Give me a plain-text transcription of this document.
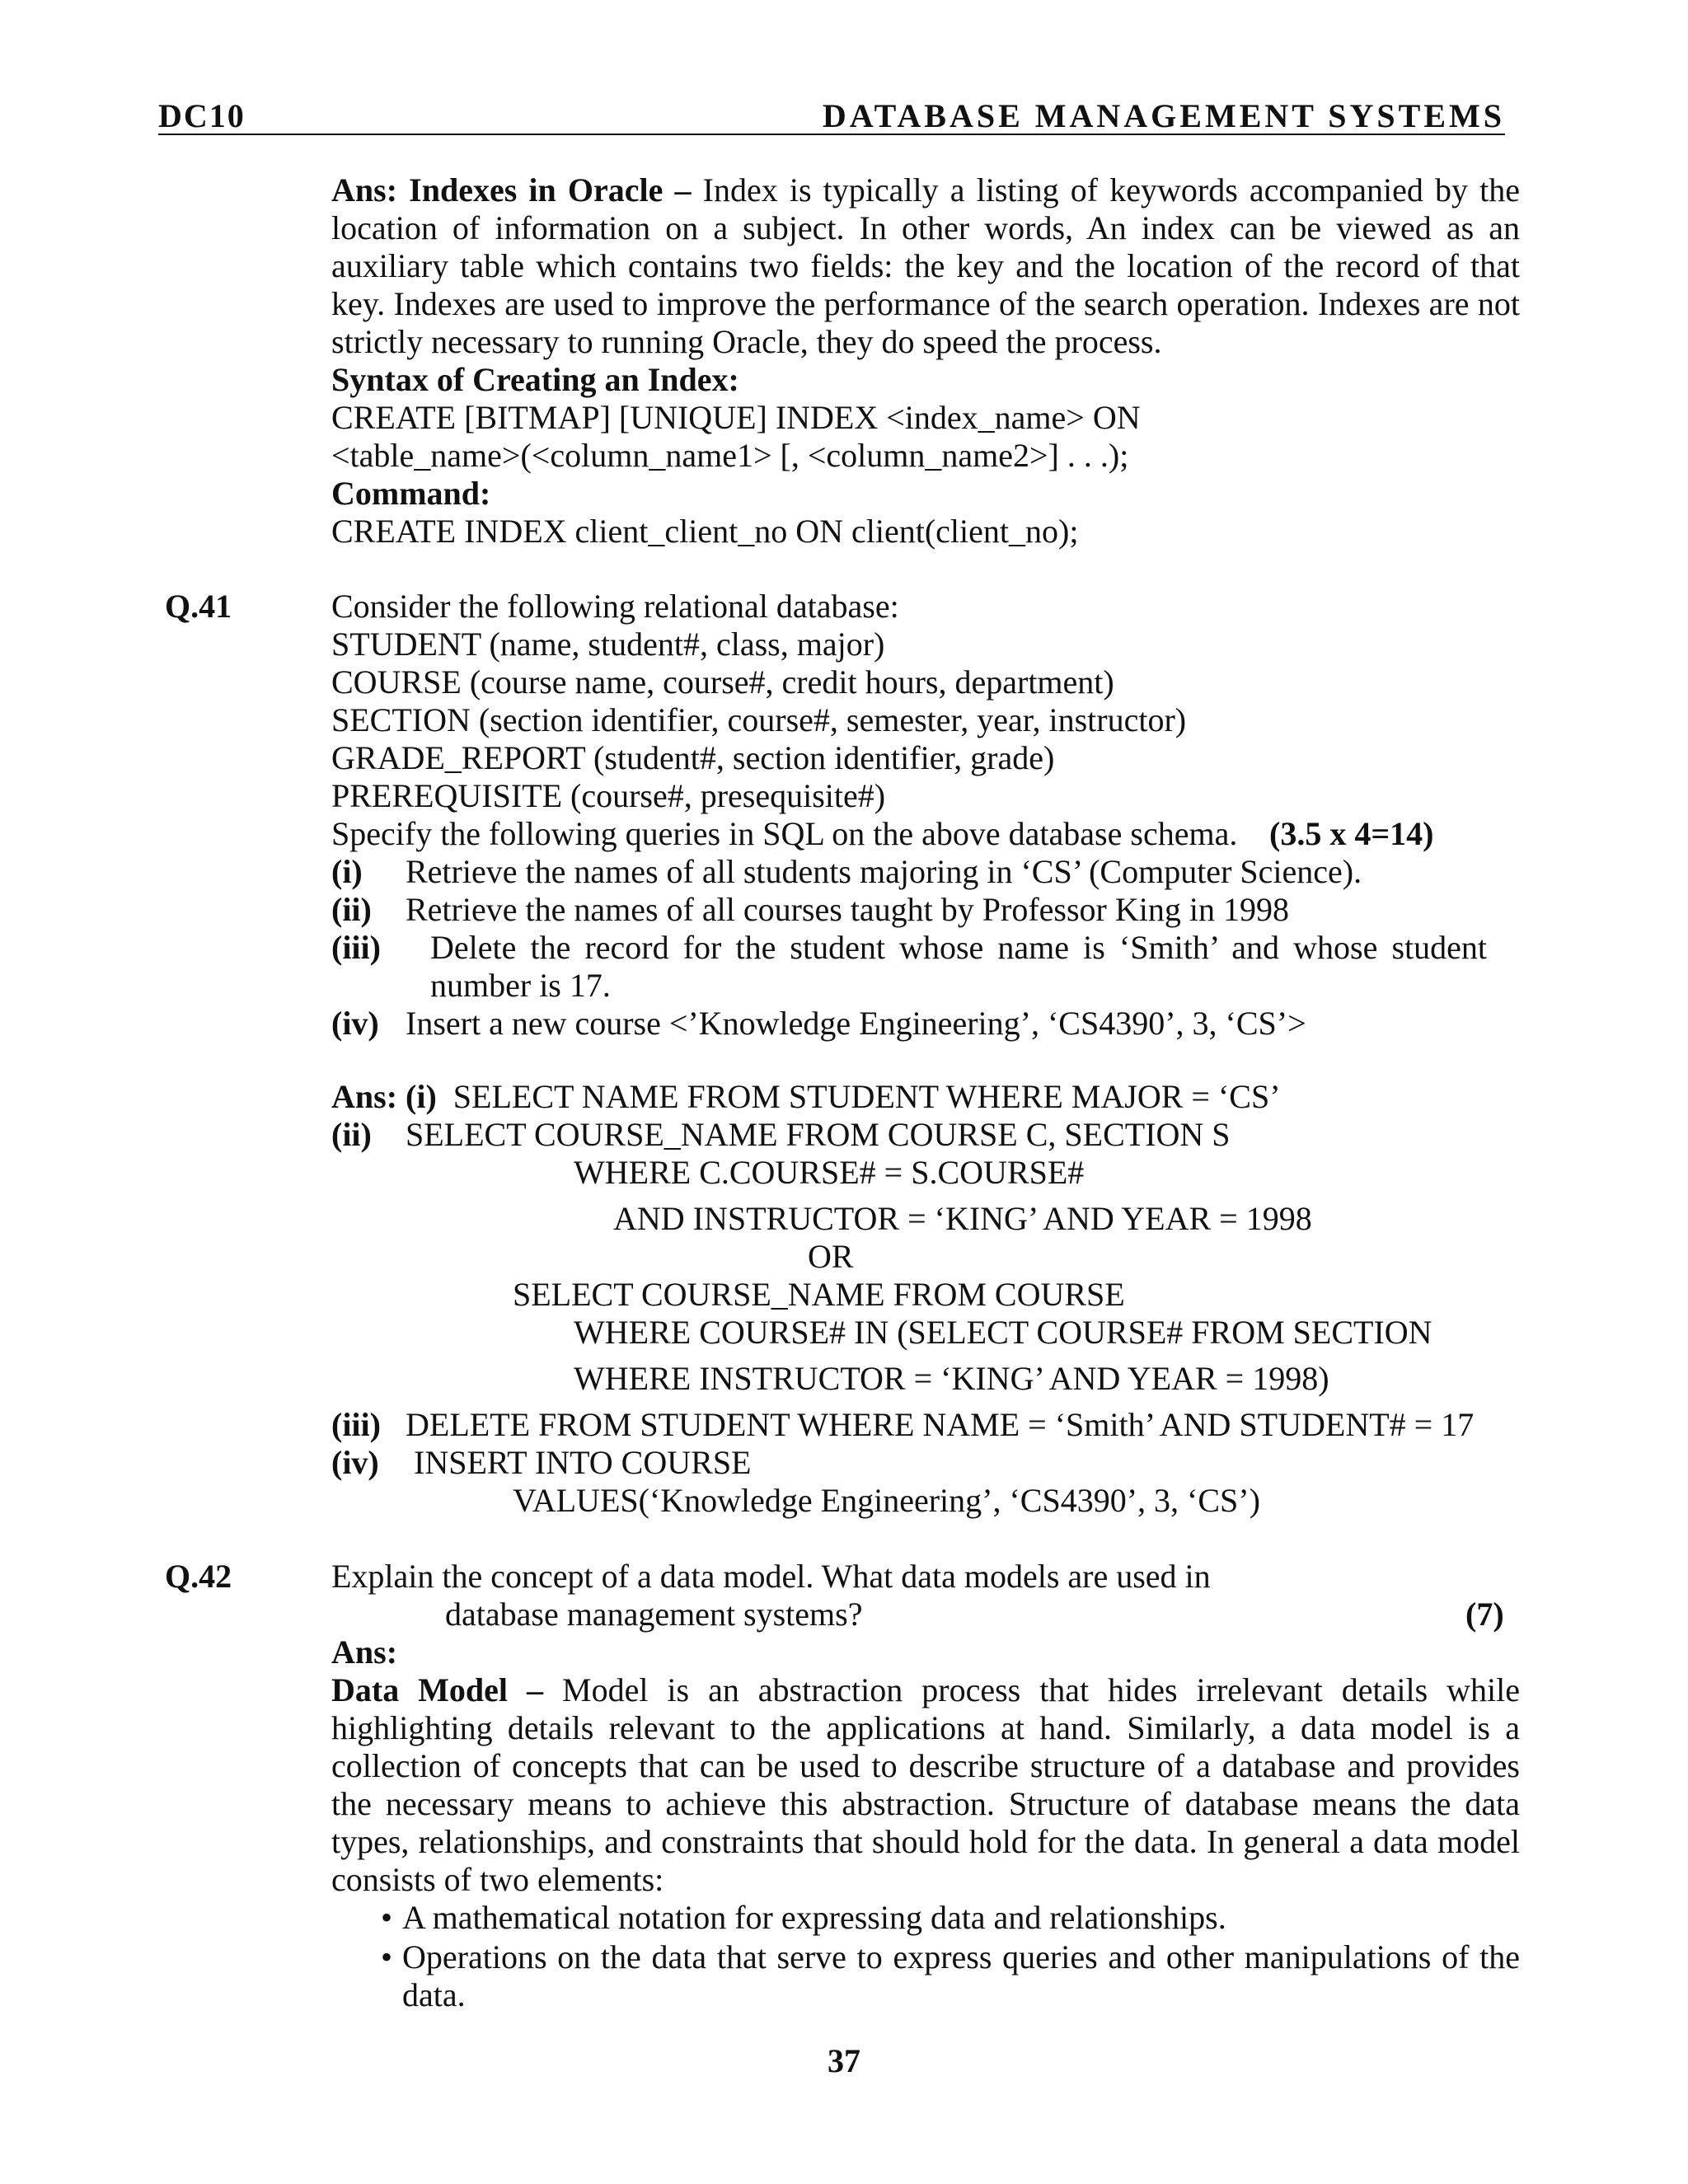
DC10	DATABASE MANAGEMENT SYSTEMS
Ans: Indexes in Oracle – Index is typically a listing of keywords accompanied by the location of information on a subject. In other words, An index can be viewed as an auxiliary table which contains two fields: the key and the location of the record of that key. Indexes are used to improve the performance of the search operation. Indexes are not strictly necessary to running Oracle, they do speed the process.
Syntax of Creating an Index:
CREATE [BITMAP] [UNIQUE] INDEX <index_name> ON
<table_name>(<column_name1> [, <column_name2>] . . .);
Command:
CREATE INDEX client_client_no ON client(client_no);
Q.41	Consider the following relational database:
STUDENT (name, student#, class, major)
COURSE (course name, course#, credit hours, department)
SECTION (section identifier, course#, semester, year, instructor)
GRADE_REPORT (student#, section identifier, grade)
PREREQUISITE (course#, presequisite#)
Specify the following queries in SQL on the above database schema. (3.5 x 4=14)
(i) Retrieve the names of all students majoring in ‘CS’ (Computer Science).
(ii) Retrieve the names of all courses taught by Professor King in 1998
(iii) Delete the record for the student whose name is ‘Smith’ and whose student
number is 17.
(iv) Insert a new course <’Knowledge Engineering’, ‘CS4390’, 3, ‘CS’>
Ans: (i) SELECT NAME FROM STUDENT WHERE MAJOR = ‘CS’
(ii) SELECT COURSE_NAME FROM COURSE C, SECTION S
WHERE C.COURSE# = S.COURSE#
AND INSTRUCTOR = ‘KING’ AND YEAR = 1998
OR
SELECT COURSE_NAME FROM COURSE
WHERE COURSE# IN (SELECT COURSE# FROM SECTION
WHERE INSTRUCTOR = ‘KING’ AND YEAR = 1998)
(iii) DELETE FROM STUDENT WHERE NAME = ‘Smith’ AND STUDENT# = 17
(iv) INSERT INTO COURSE
VALUES(‘Knowledge Engineering’, ‘CS4390’, 3, ‘CS’)
Q.42	Explain the concept of a data model. What data models are used in
database management systems?	(7)
Ans:
Data Model – Model is an abstraction process that hides irrelevant details while highlighting details relevant to the applications at hand. Similarly, a data model is a collection of concepts that can be used to describe structure of a database and provides the necessary means to achieve this abstraction. Structure of database means the data types, relationships, and constraints that should hold for the data. In general a data model consists of two elements:
• A mathematical notation for expressing data and relationships.
• Operations on the data that serve to express queries and other manipulations of the data.
37
